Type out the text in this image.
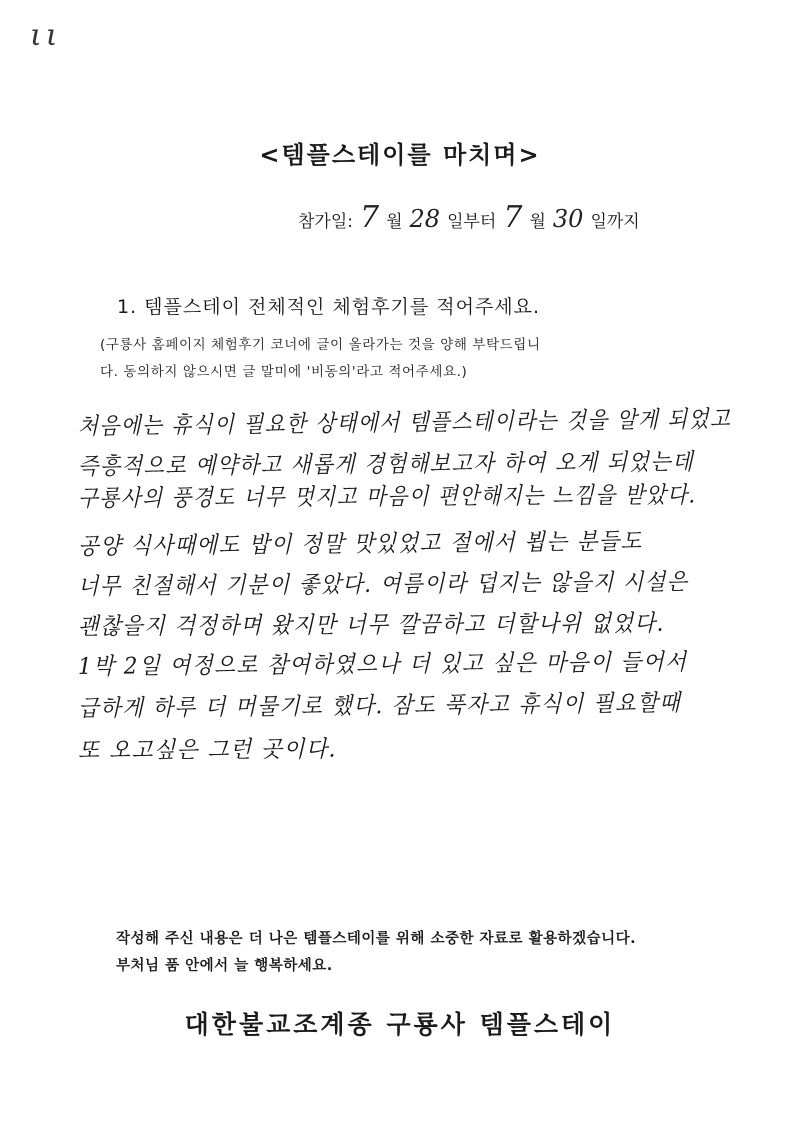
ιι
<템플스테이를 마치며>
참가일: 7 월 28 일부터 7 월 30 일까지
1. 템플스테이 전체적인 체험후기를 적어주세요.
(구룡사 홈페이지 체험후기 코너에 글이 올라가는 것을 양해 부탁드립니
다. 동의하지 않으시면 글 말미에 '비동의'라고 적어주세요.)
처음에는 휴식이 필요한 상태에서 템플스테이라는 것을 알게 되었고
즉흥적으로 예약하고 새롭게 경험해보고자 하여 오게 되었는데
구룡사의 풍경도 너무 멋지고 마음이 편안해지는 느낌을 받았다.
공양 식사때에도 밥이 정말 맛있었고 절에서 뵙는 분들도
너무 친절해서 기분이 좋았다. 여름이라 덥지는 않을지 시설은
괜찮을지 걱정하며 왔지만 너무 깔끔하고 더할나위 없었다.
1박 2일 여정으로 참여하였으나 더 있고 싶은 마음이 들어서
급하게 하루 더 머물기로 했다. 잠도 푹자고 휴식이 필요할때
또 오고싶은 그런 곳이다.
작성해 주신 내용은 더 나은 템플스테이를 위해 소중한 자료로 활용하겠습니다.
부처님 품 안에서 늘 행복하세요.
대한불교조계종 구룡사 템플스테이
